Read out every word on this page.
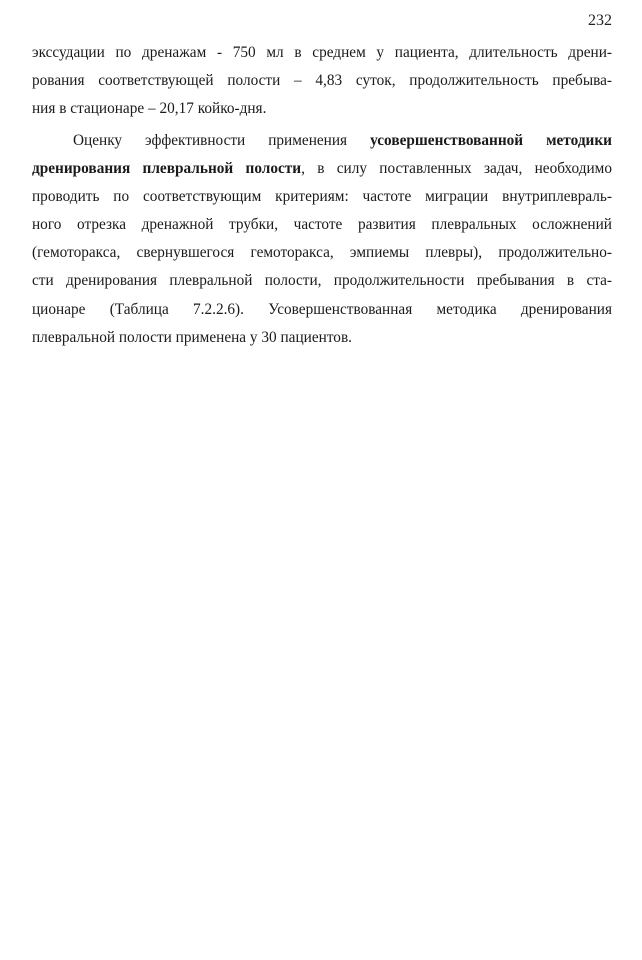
232
экссудации по дренажам - 750 мл в среднем у пациента, длительность дрени-
рования соответствующей полости – 4,83 суток, продолжительность пребыва-
ния в стационаре – 20,17 койко-дня.
Оценку эффективности применения усовершенствованной методики
дренирования плевральной полости, в силу поставленных задач, необходимо
проводить по соответствующим критериям: частоте миграции внутриплевраль-
ного отрезка дренажной трубки, частоте развития плевральных осложнений
(гемоторакса, свернувшегося гемоторакса, эмпиемы плевры), продолжительно-
сти дренирования плевральной полости, продолжительности пребывания в ста-
ционаре (Таблица 7.2.2.6). Усовершенствованная методика дренирования
плевральной полости применена у 30 пациентов.
